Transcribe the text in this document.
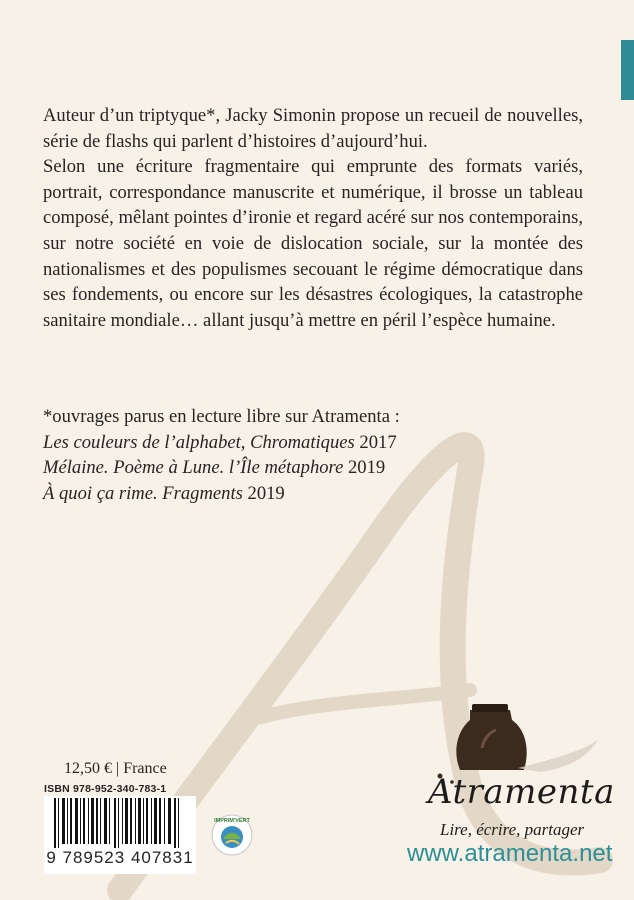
Auteur d’un triptyque*, Jacky Simonin propose un recueil de nouvelles, série de flashs qui parlent d’histoires d’aujourd’hui.

Selon une écriture fragmentaire qui emprunte des formats variés, portrait, correspondance manuscrite et numérique, il brosse un tableau composé, mêlant pointes d’ironie et regard acéré sur nos contemporains, sur notre société en voie de dislocation sociale, sur la montée des nationalismes et des populismes secouant le régime démocratique dans ses fondements, ou encore sur les désastres écologiques, la catastrophe sanitaire mondiale… allant jusqu’à mettre en péril l’espèce humaine.

*ouvrages parus en lecture libre sur Atramenta :

Les couleurs de l’alphabet, Chromatiques 2017

Mélaine. Poème à Lune. l’Île métaphore 2019

À quoi ça rime. Fragments 2019

12,50 € | France
ISBN 978-952-340-783-1
9 789523 407831
IMPRIM'VERT
Atramenta
Lire, écrire, partager
www.atramenta.net
